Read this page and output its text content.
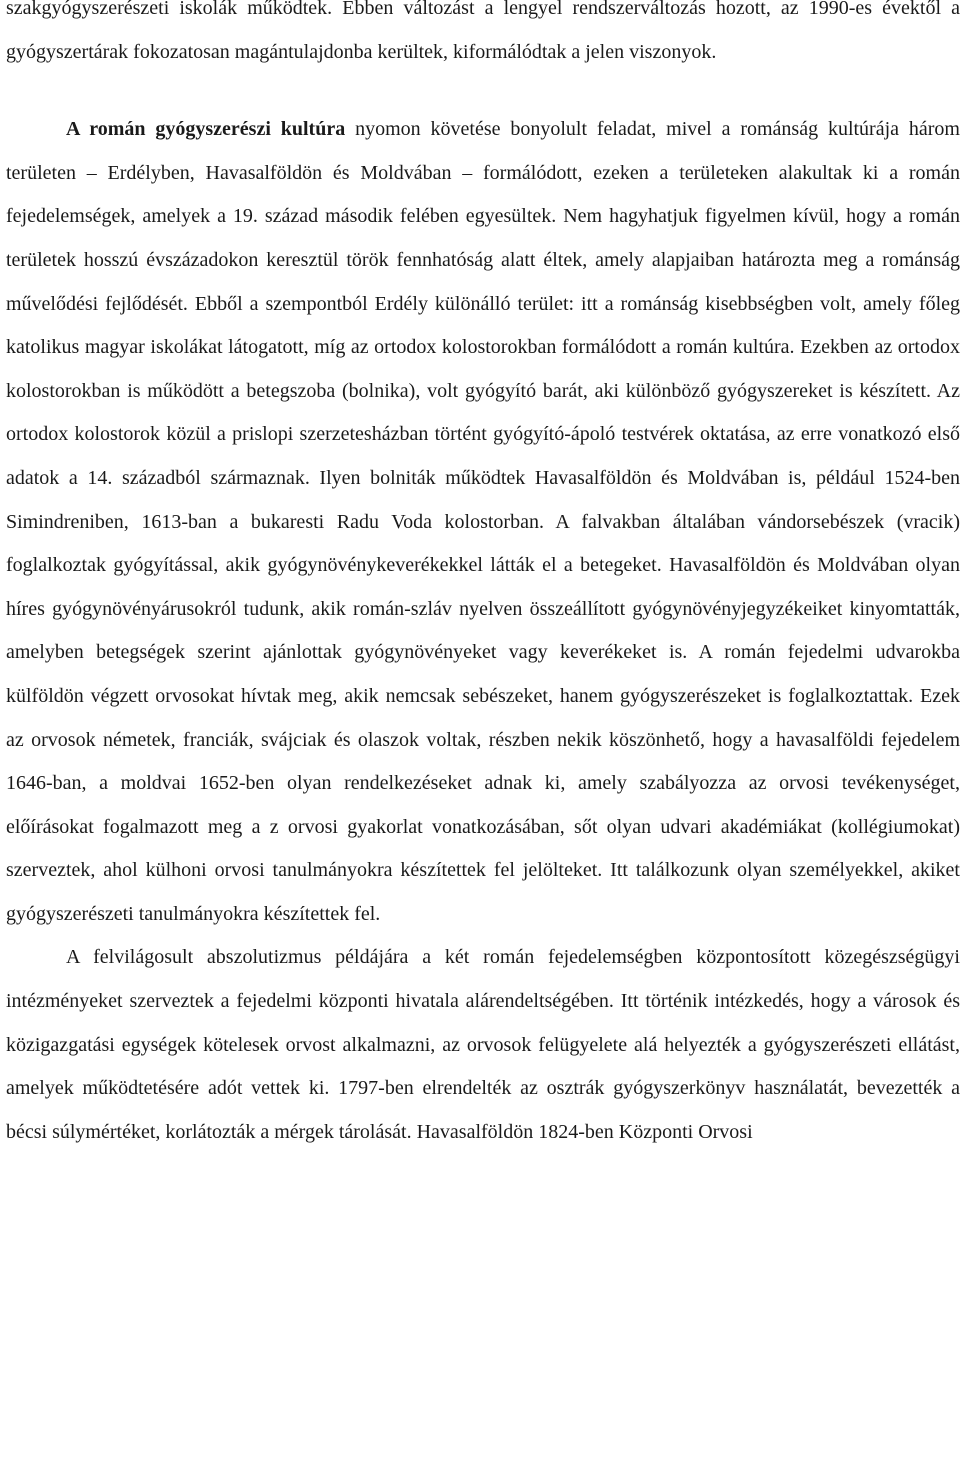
szakgyógyszerészeti iskolák működtek. Ebben változást a lengyel rendszerváltozás hozott, az 1990-es évektől a gyógyszertárak fokozatosan magántulajdonba kerültek, kiformálódtak a jelen viszonyok.

A román gyógyszerészi kultúra nyomon követése bonyolult feladat, mivel a románság kultúrája három területen – Erdélyben, Havasalföldön és Moldvában – formálódott, ezeken a területeken alakultak ki a román fejedelemségek, amelyek a 19. század második felében egyesültek. Nem hagyhatjuk figyelmen kívül, hogy a román területek hosszú évszázadokon keresztül török fennhatóság alatt éltek, amely alapjaiban határozta meg a románság művelődési fejlődését. Ebből a szempontból Erdély különálló terület: itt a románság kisebbségben volt, amely főleg katolikus magyar iskolákat látogatott, míg az ortodox kolostorokban formálódott a román kultúra. Ezekben az ortodox kolostorokban is működött a betegszoba (bolnika), volt gyógyító barát, aki különböző gyógyszereket is készített. Az ortodox kolostorok közül a prislopi szerzetesházban történt gyógyító-ápoló testvérek oktatása, az erre vonatkozó első adatok a 14. századból származnak. Ilyen bolniták működtek Havasalföldön és Moldvában is, például 1524-ben Simindreniben, 1613-ban a bukaresti Radu Voda kolostorban. A falvakban általában vándorsebészek (vracik) foglalkoztak gyógyítással, akik gyógynövénykeverékekkel látták el a betegeket. Havasalföldön és Moldvában olyan híres gyógynövényárusokról tudunk, akik román-szláv nyelven összeállított gyógynövényjegyzékeiket kinyomtatták, amelyben betegségek szerint ajánlottak gyógynövényeket vagy keverékeket is. A román fejedelmi udvarokba külföldön végzett orvosokat hívtak meg, akik nemcsak sebészeket, hanem gyógyszerészeket is foglalkoztattak. Ezek az orvosok németek, franciák, svájciak és olaszok voltak, részben nekik köszönhető, hogy a havasalföldi fejedelem 1646-ban, a moldvai 1652-ben olyan rendelkezéseket adnak ki, amely szabályozza az orvosi tevékenységet, előírásokat fogalmazott meg a z orvosi gyakorlat vonatkozásában, sőt olyan udvari akadémiákat (kollégiumokat) szerveztek, ahol külhoni orvosi tanulmányokra készítettek fel jelölteket. Itt találkozunk olyan személyekkel, akiket gyógyszerészeti tanulmányokra készítettek fel.

A felvilágosult abszolutizmus példájára a két román fejedelemségben központosított közegészségügyi intézményeket szerveztek a fejedelmi központi hivatala alárendeltségében. Itt történik intézkedés, hogy a városok és közigazgatási egységek kötelesek orvost alkalmazni, az orvosok felügyelete alá helyezték a gyógyszerészeti ellátást, amelyek működtetésére adót vettek ki. 1797-ben elrendelték az osztrák gyógyszerkönyv használatát, bevezették a bécsi súlymértéket, korlátozták a mérgek tárolását. Havasalföldön 1824-ben Központi Orvosi
